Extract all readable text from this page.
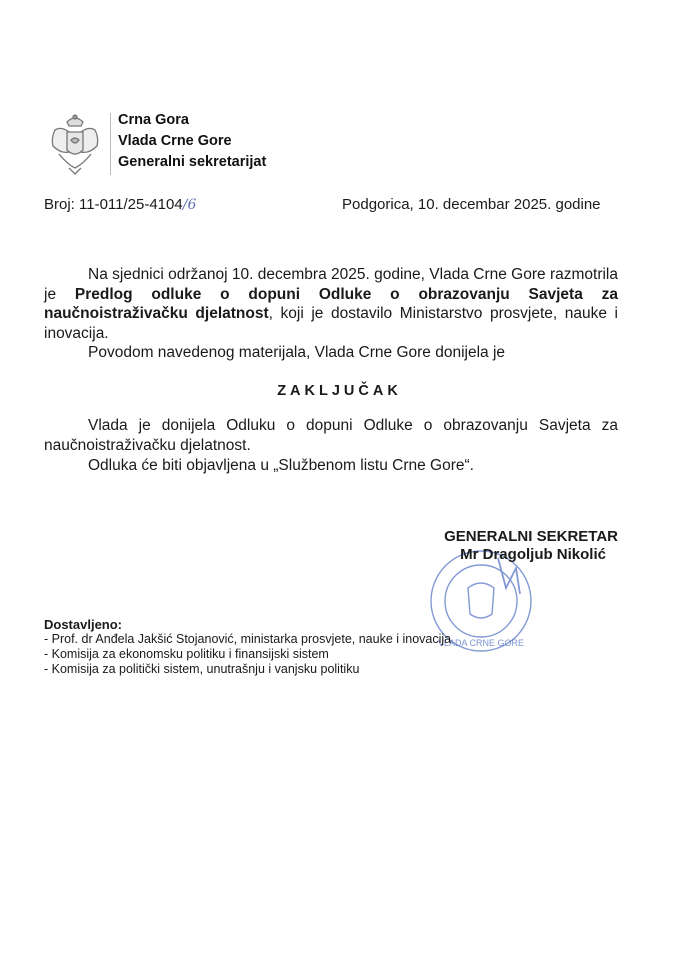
Crna Gora
Vlada Crne Gore
Generalni sekretarijat
Broj: 11-011/25-4104/6	Podgorica, 10. decembar 2025. godine
Na sjednici održanoj 10. decembra 2025. godine, Vlada Crne Gore razmotrila je Predlog odluke o dopuni Odluke o obrazovanju Savjeta za naučnoistraživačku djelatnost, koji je dostavilo Ministarstvo prosvjete, nauke i inovacija.
Povodom navedenog materijala, Vlada Crne Gore donijela je
ZAKLJUČAK
Vlada je donijela Odluku o dopuni Odluke o obrazovanju Savjeta za naučnoistraživačku djelatnost.
Odluka će biti objavljena u „Službenom listu Crne Gore“.
VLADA CRNE GORE
GENERALNI SEKRETAR
Mr Dragoljub Nikolić
Dostavljeno:
- Prof. dr Anđela Jakšić Stojanović, ministarka prosvjete, nauke i inovacija
- Komisija za ekonomsku politiku i finansijski sistem
- Komisija za politički sistem, unutrašnju i vanjsku politiku
